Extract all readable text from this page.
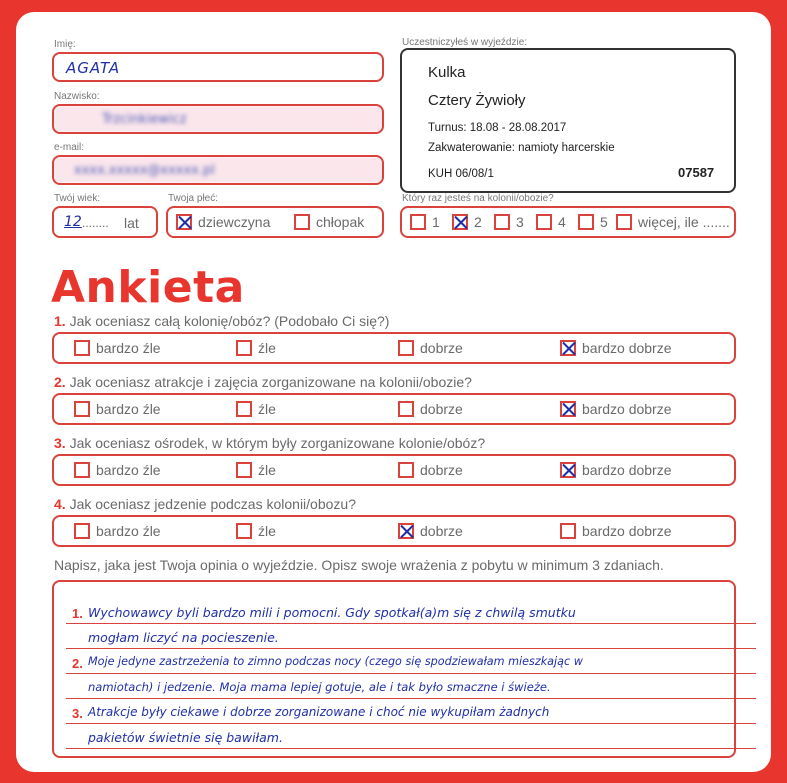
Imię:
AGATA
Nazwisko:
Trzcinkiewicz
e-mail:
xxxx.xxxxx@xxxxx.pl
Twój wiek:
12 ........ lat
Twoja płeć:
dziewczyna	chłopak
Uczestniczyłeś w wyjeździe:
Kulka
Cztery Żywioły
Turnus: 18.08 - 28.08.2017
Zakwaterowanie: namioty harcerskie
KUH 06/08/1	07587
Który raz jesteś na kolonii/obozie?
1 2 3 4 5 więcej, ile .......
Ankieta
1. Jak oceniasz całą kolonię/obóz? (Podobało Ci się?)
bardzo źle	źle	dobrze	bardzo dobrze
2. Jak oceniasz atrakcje i zajęcia zorganizowane na kolonii/obozie?
bardzo źle	źle	dobrze	bardzo dobrze
3. Jak oceniasz ośrodek, w którym były zorganizowane kolonie/obóz?
bardzo źle	źle	dobrze	bardzo dobrze
4. Jak oceniasz jedzenie podczas kolonii/obozu?
bardzo źle	źle	dobrze	bardzo dobrze
Napisz, jaka jest Twoja opinia o wyjeździe. Opisz swoje wrażenia z pobytu w minimum 3 zdaniach.
1.
2.
3.
Wychowawcy byli bardzo mili i pomocni. Gdy spotkał(a)m się z chwilą smutku
mogłam liczyć na pocieszenie.
Moje jedyne zastrzeżenia to zimno podczas nocy (czego się spodziewałam mieszkając w
namiotach) i jedzenie. Moja mama lepiej gotuje, ale i tak było smaczne i świeże.
Atrakcje były ciekawe i dobrze zorganizowane i choć nie wykupiłam żadnych
pakietów świetnie się bawiłam.
